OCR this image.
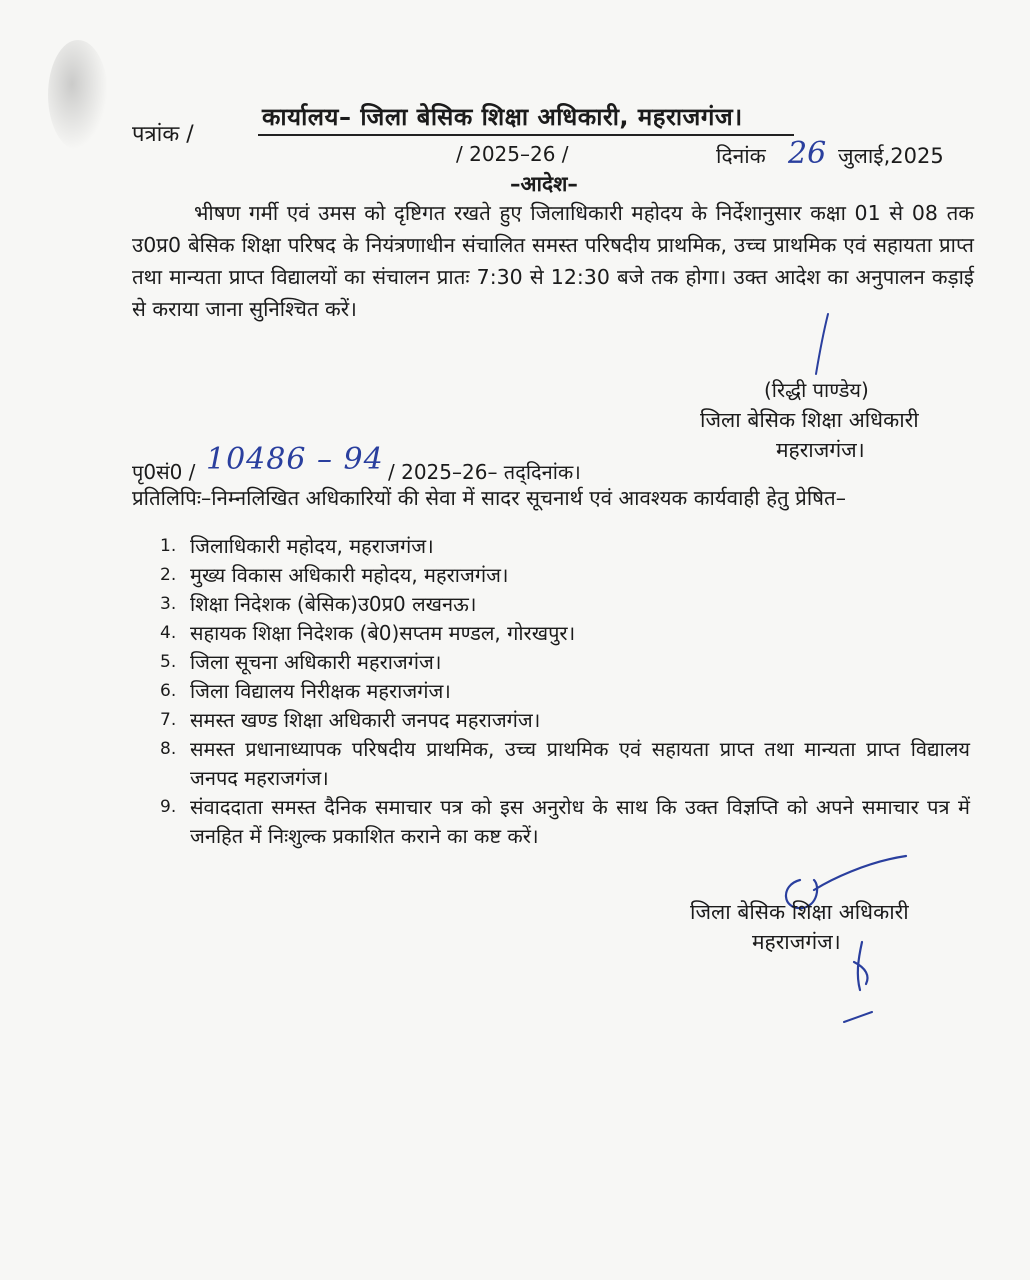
पत्रांक /
कार्यालय– जिला बेसिक शिक्षा अधिकारी, महराजगंज।
/ 2025–26 /	दिनांक 26 जुलाई,2025
–आदेश–
भीषण गर्मी एवं उमस को दृष्टिगत रखते हुए जिलाधिकारी महोदय के निर्देशानुसार कक्षा 01 से 08 तक उ0प्र0 बेसिक शिक्षा परिषद के नियंत्रणाधीन संचालित समस्त परिषदीय प्राथमिक, उच्च प्राथमिक एवं सहायता प्राप्त तथा मान्यता प्राप्त विद्यालयों का संचालन प्रातः 7:30 से 12:30 बजे तक होगा। उक्त आदेश का अनुपालन कड़ाई से कराया जाना सुनिश्चित करें।
(रिद्धी पाण्डेय)
जिला बेसिक शिक्षा अधिकारी
महराजगंज।
पृ0सं0 / 10486 – 94 / 2025–26– तद्‌दिनांक।
प्रतिलिपिः–निम्नलिखित अधिकारियों की सेवा में सादर सूचनार्थ एवं आवश्यक कार्यवाही हेतु प्रेषित–
1. जिलाधिकारी महोदय, महराजगंज।
2. मुख्य विकास अधिकारी महोदय, महराजगंज।
3. शिक्षा निदेशक (बेसिक)उ0प्र0 लखनऊ।
4. सहायक शिक्षा निदेशक (बे0)सप्तम मण्डल, गोरखपुर।
5. जिला सूचना अधिकारी महराजगंज।
6. जिला विद्यालय निरीक्षक महराजगंज।
7. समस्त खण्ड शिक्षा अधिकारी जनपद महराजगंज।
8. समस्त प्रधानाध्यापक परिषदीय प्राथमिक, उच्च प्राथमिक एवं सहायता प्राप्त तथा मान्यता प्राप्त विद्यालय जनपद महराजगंज।
9. संवाददाता समस्त दैनिक समाचार पत्र को इस अनुरोध के साथ कि उक्त विज्ञप्ति को अपने समाचार पत्र में जनहित में निःशुल्क प्रकाशित कराने का कष्ट करें।
जिला बेसिक शिक्षा अधिकारी
महराजगंज।
